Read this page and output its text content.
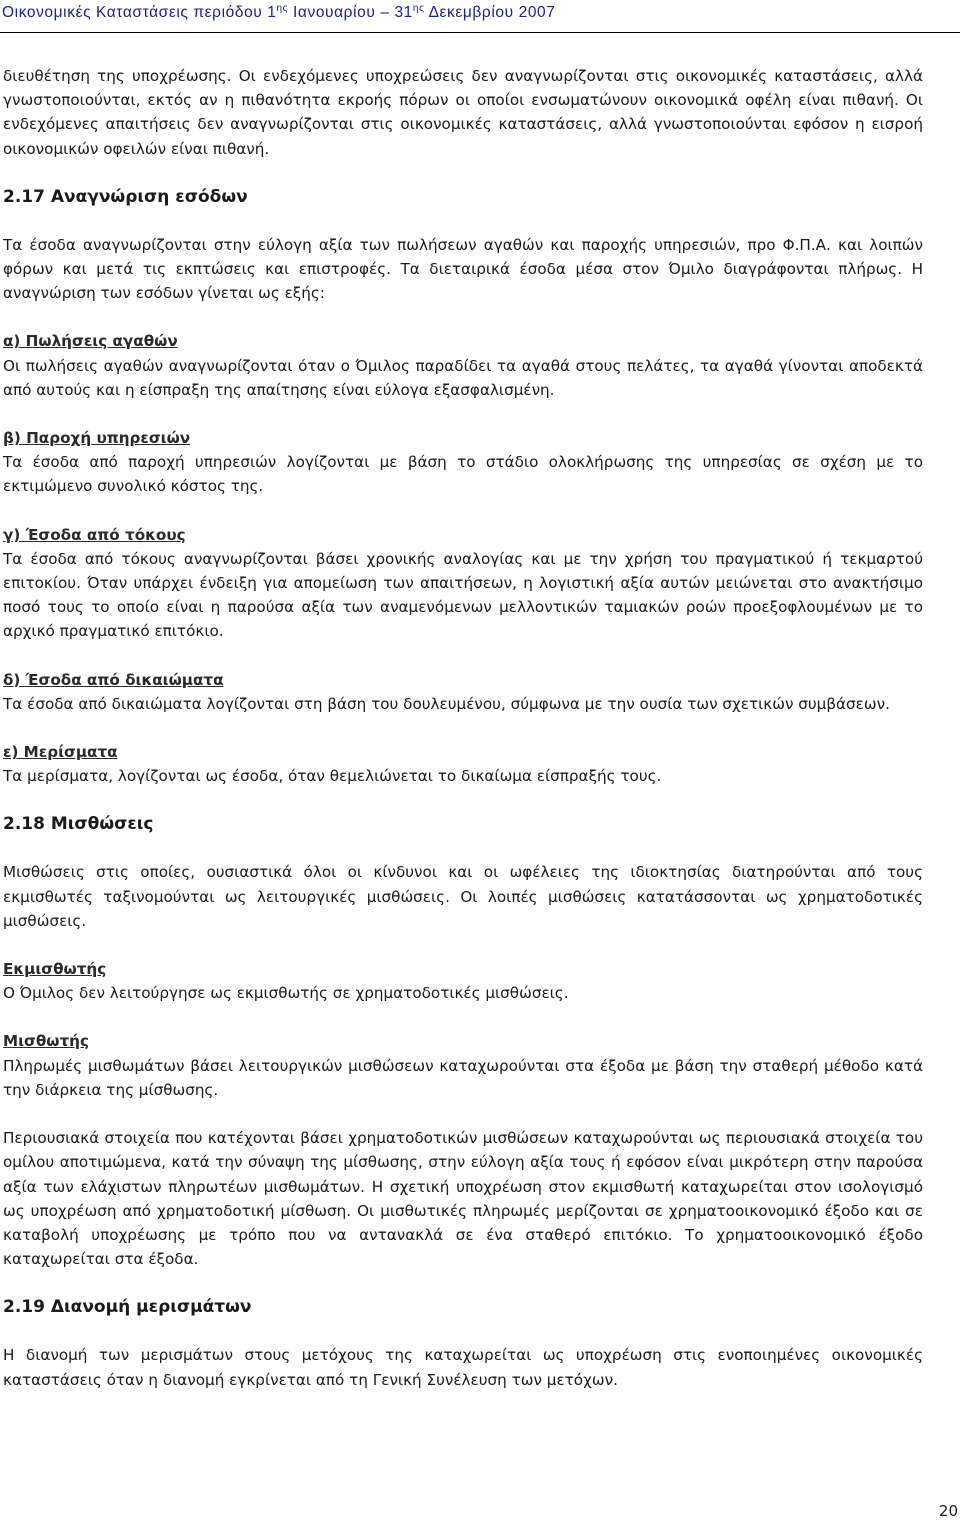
Οικονομικές Καταστάσεις περιόδου $1^{\eta\varsigma}$ Ιανουαρίου – $31^{\eta\varsigma}$ Δεκεμβρίου 2007

διευθέτηση της υποχρέωσης. Οι ενδεχόμενες υποχρεώσεις δεν αναγνωρίζονται στις οικονομικές καταστάσεις, αλλά γνωστοποιούνται, εκτός αν η πιθανότητα εκροής πόρων οι οποίοι ενσωματώνουν οικονομικά οφέλη είναι πιθανή. Οι ενδεχόμενες απαιτήσεις δεν αναγνωρίζονται στις οικονομικές καταστάσεις, αλλά γνωστοποιούνται εφόσον η εισροή οικονομικών οφειλών είναι πιθανή.

2.17 Αναγνώριση εσόδων

Τα έσοδα αναγνωρίζονται στην εύλογη αξία των πωλήσεων αγαθών και παροχής υπηρεσιών, προ Φ.Π.Α. και λοιπών φόρων και μετά τις εκπτώσεις και επιστροφές. Τα διεταιρικά έσοδα μέσα στον Όμιλο διαγράφονται πλήρως. Η αναγνώριση των εσόδων γίνεται ως εξής:

α) Πωλήσεις αγαθών

Οι πωλήσεις αγαθών αναγνωρίζονται όταν ο Όμιλος παραδίδει τα αγαθά στους πελάτες, τα αγαθά γίνονται αποδεκτά από αυτούς και η είσπραξη της απαίτησης είναι εύλογα εξασφαλισμένη.

β) Παροχή υπηρεσιών

Τα έσοδα από παροχή υπηρεσιών λογίζονται με βάση το στάδιο ολοκλήρωσης της υπηρεσίας σε σχέση με το εκτιμώμενο συνολικό κόστος της.

γ) Έσοδα από τόκους

Τα έσοδα από τόκους αναγνωρίζονται βάσει χρονικής αναλογίας και με την χρήση του πραγματικού ή τεκμαρτού επιτοκίου. Όταν υπάρχει ένδειξη για απομείωση των απαιτήσεων, η λογιστική αξία αυτών μειώνεται στο ανακτήσιμο ποσό τους το οποίο είναι η παρούσα αξία των αναμενόμενων μελλοντικών ταμιακών ροών προεξοφλουμένων με το αρχικό πραγματικό επιτόκιο.

δ) Έσοδα από δικαιώματα

Τα έσοδα από δικαιώματα λογίζονται στη βάση του δουλευμένου, σύμφωνα με την ουσία των σχετικών συμβάσεων.

ε) Μερίσματα

Τα μερίσματα, λογίζονται ως έσοδα, όταν θεμελιώνεται το δικαίωμα είσπραξής τους.

2.18 Μισθώσεις

Μισθώσεις στις οποίες, ουσιαστικά όλοι οι κίνδυνοι και οι ωφέλειες της ιδιοκτησίας διατηρούνται από τους εκμισθωτές ταξινομούνται ως λειτουργικές μισθώσεις. Οι λοιπές μισθώσεις κατατάσσονται ως χρηματοδοτικές μισθώσεις.

Εκμισθωτής

Ο Όμιλος δεν λειτούργησε ως εκμισθωτής σε χρηματοδοτικές μισθώσεις.

Μισθωτής

Πληρωμές μισθωμάτων βάσει λειτουργικών μισθώσεων καταχωρούνται στα έξοδα με βάση την σταθερή μέθοδο κατά την διάρκεια της μίσθωσης.

Περιουσιακά στοιχεία που κατέχονται βάσει χρηματοδοτικών μισθώσεων καταχωρούνται ως περιουσιακά στοιχεία του ομίλου αποτιμώμενα, κατά την σύναψη της μίσθωσης, στην εύλογη αξία τους ή εφόσον είναι μικρότερη στην παρούσα αξία των ελάχιστων πληρωτέων μισθωμάτων. Η σχετική υποχρέωση στον εκμισθωτή καταχωρείται στον ισολογισμό ως υποχρέωση από χρηματοδοτική μίσθωση. Οι μισθωτικές πληρωμές μερίζονται σε χρηματοοικονομικό έξοδο και σε καταβολή υποχρέωσης με τρόπο που να αντανακλά σε ένα σταθερό επιτόκιο. Το χρηματοοικονομικό έξοδο καταχωρείται στα έξοδα.

2.19 Διανομή μερισμάτων

Η διανομή των μερισμάτων στους μετόχους της καταχωρείται ως υποχρέωση στις ενοποιημένες οικονομικές καταστάσεις όταν η διανομή εγκρίνεται από τη Γενική Συνέλευση των μετόχων.

20
